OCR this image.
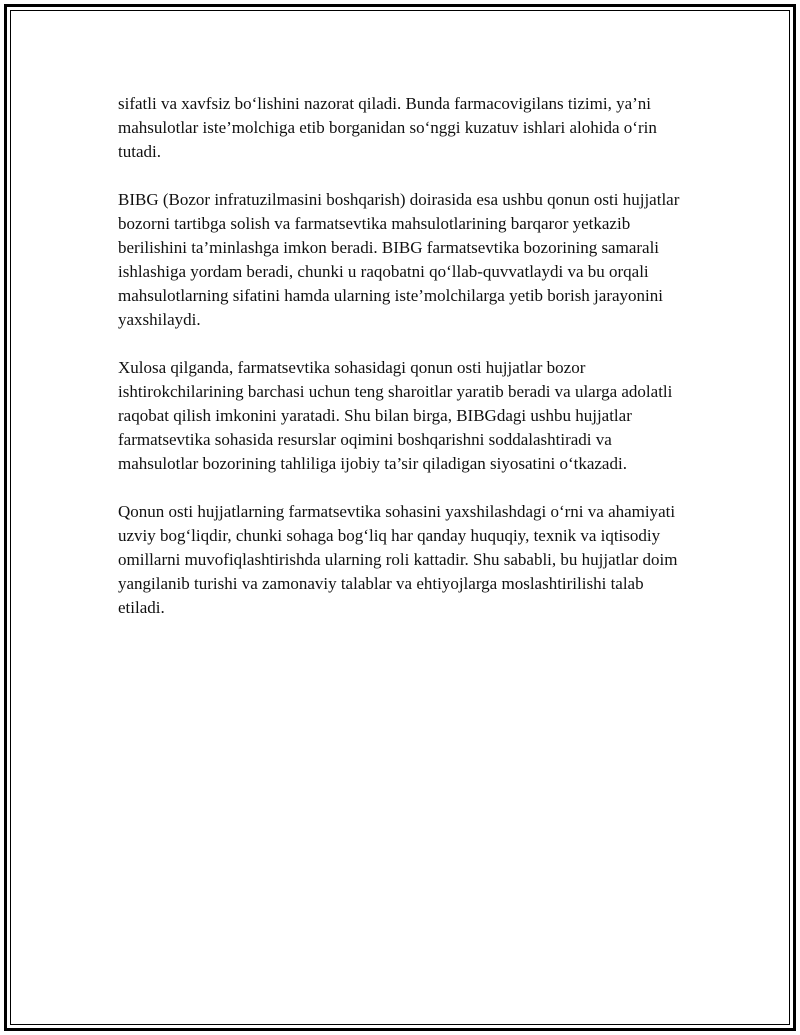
sifatli va xavfsiz bo‘lishini nazorat qiladi. Bunda farmacovigilans tizimi, ya’ni mahsulotlar iste’molchiga etib borganidan so‘nggi kuzatuv ishlari alohida o‘rin tutadi.

BIBG (Bozor infratuzilmasini boshqarish) doirasida esa ushbu qonun osti hujjatlar bozorni tartibga solish va farmatsevtika mahsulotlarining barqaror yetkazib berilishini ta’minlashga imkon beradi. BIBG farmatsevtika bozorining samarali ishlashiga yordam beradi, chunki u raqobatni qo‘llab-quvvatlaydi va bu orqali mahsulotlarning sifatini hamda ularning iste’molchilarga yetib borish jarayonini yaxshilaydi.

Xulosa qilganda, farmatsevtika sohasidagi qonun osti hujjatlar bozor ishtirokchilarining barchasi uchun teng sharoitlar yaratib beradi va ularga adolatli raqobat qilish imkonini yaratadi. Shu bilan birga, BIBGdagi ushbu hujjatlar farmatsevtika sohasida resurslar oqimini boshqarishni soddalashtiradi va mahsulotlar bozorining tahliliga ijobiy ta’sir qiladigan siyosatini o‘tkazadi.

Qonun osti hujjatlarning farmatsevtika sohasini yaxshilashdagi o‘rni va ahamiyati uzviy bog‘liqdir, chunki sohaga bog‘liq har qanday huquqiy, texnik va iqtisodiy omillarni muvofiqlashtirishda ularning roli kattadir. Shu sababli, bu hujjatlar doim yangilanib turishi va zamonaviy talablar va ehtiyojlarga moslashtirilishi talab etiladi.
